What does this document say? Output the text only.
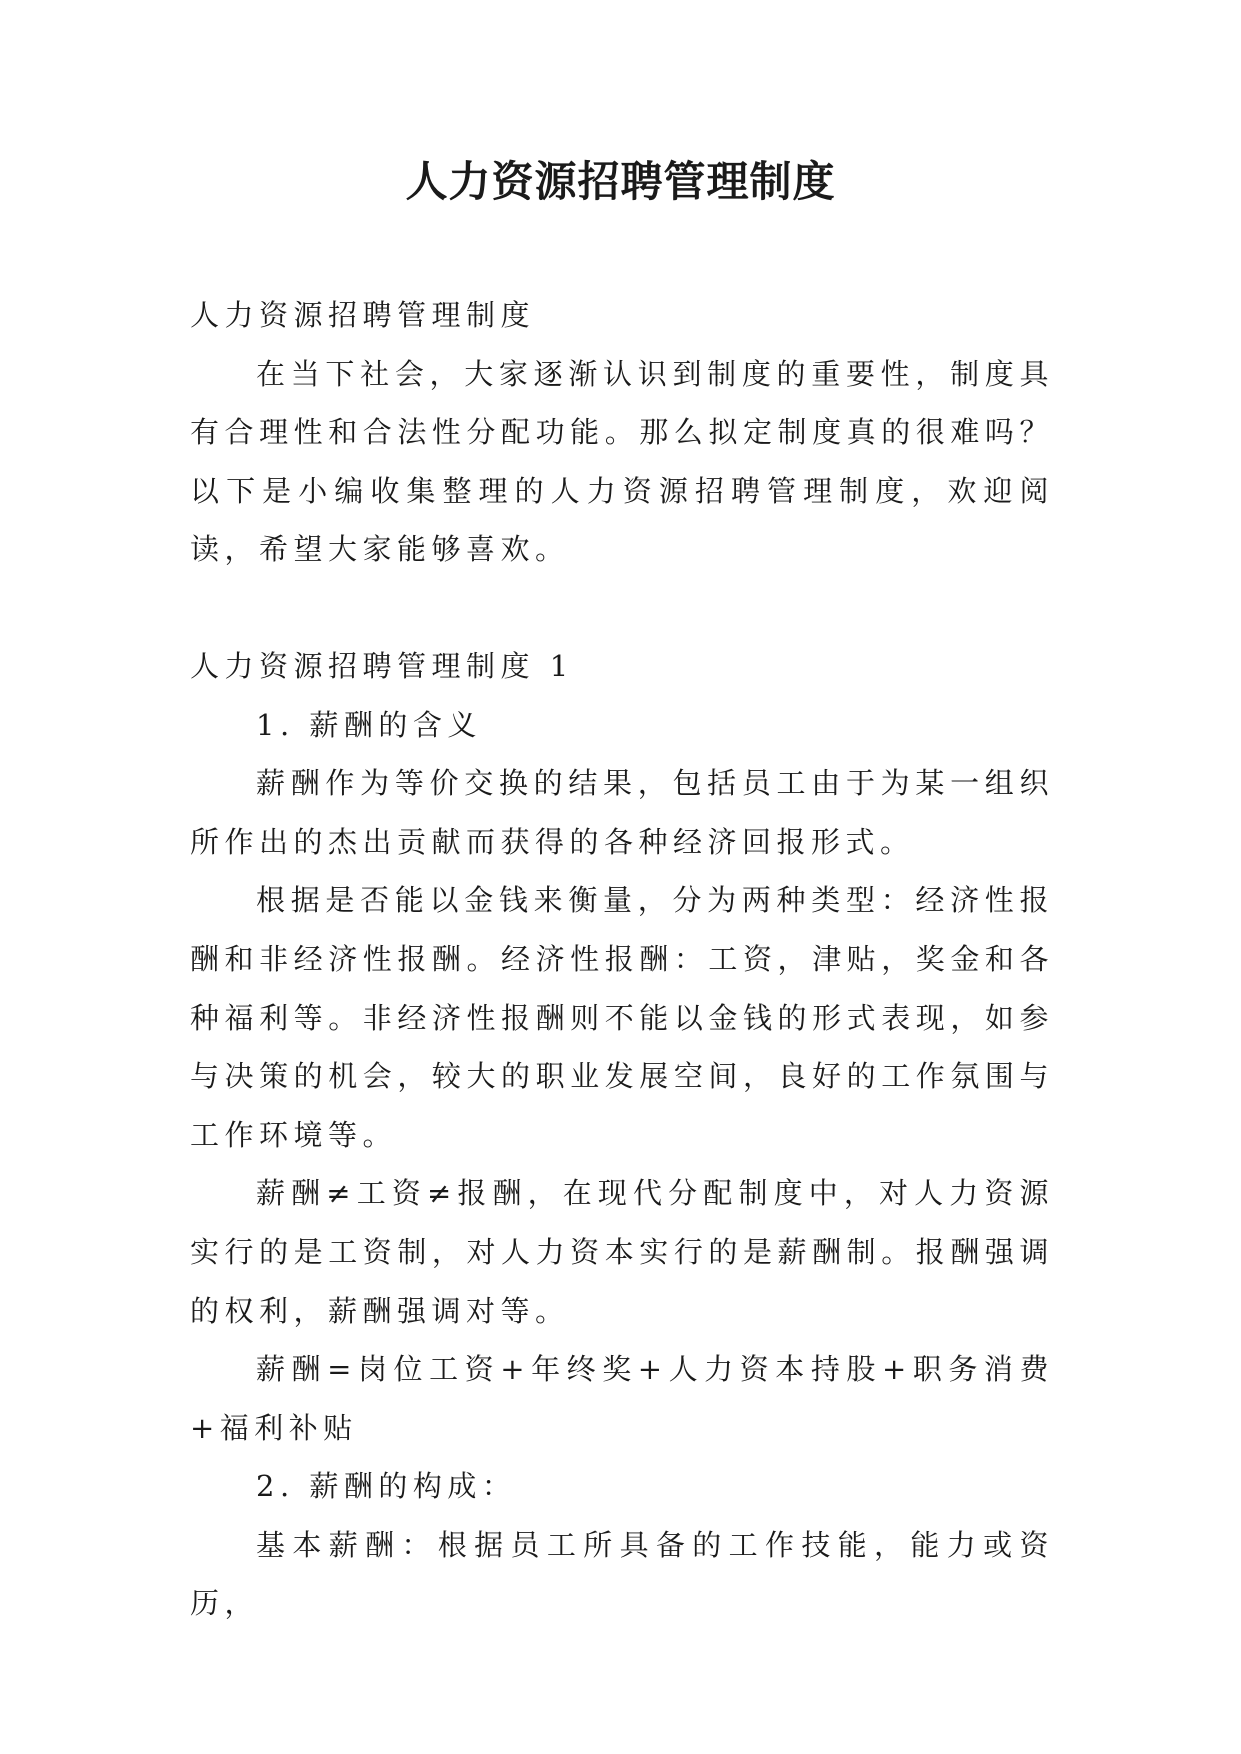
人力资源招聘管理制度

人力资源招聘管理制度

在当下社会，大家逐渐认识到制度的重要性，制度具有合理性和合法性分配功能。那么拟定制度真的很难吗？以下是小编收集整理的人力资源招聘管理制度，欢迎阅读，希望大家能够喜欢。

人力资源招聘管理制度 1

1. 薪酬的含义

薪酬作为等价交换的结果，包括员工由于为某一组织所作出的杰出贡献而获得的各种经济回报形式。

根据是否能以金钱来衡量，分为两种类型：经济性报酬和非经济性报酬。经济性报酬：工资，津贴，奖金和各种福利等。非经济性报酬则不能以金钱的形式表现，如参与决策的机会，较大的职业发展空间，良好的工作氛围与工作环境等。

薪酬≠工资≠报酬，在现代分配制度中，对人力资源实行的是工资制，对人力资本实行的是薪酬制。报酬强调的权利，薪酬强调对等。

薪酬=岗位工资+年终奖+人力资本持股+职务消费+福利补贴

2. 薪酬的构成：

基本薪酬：根据员工所具备的工作技能，能力或资历，
